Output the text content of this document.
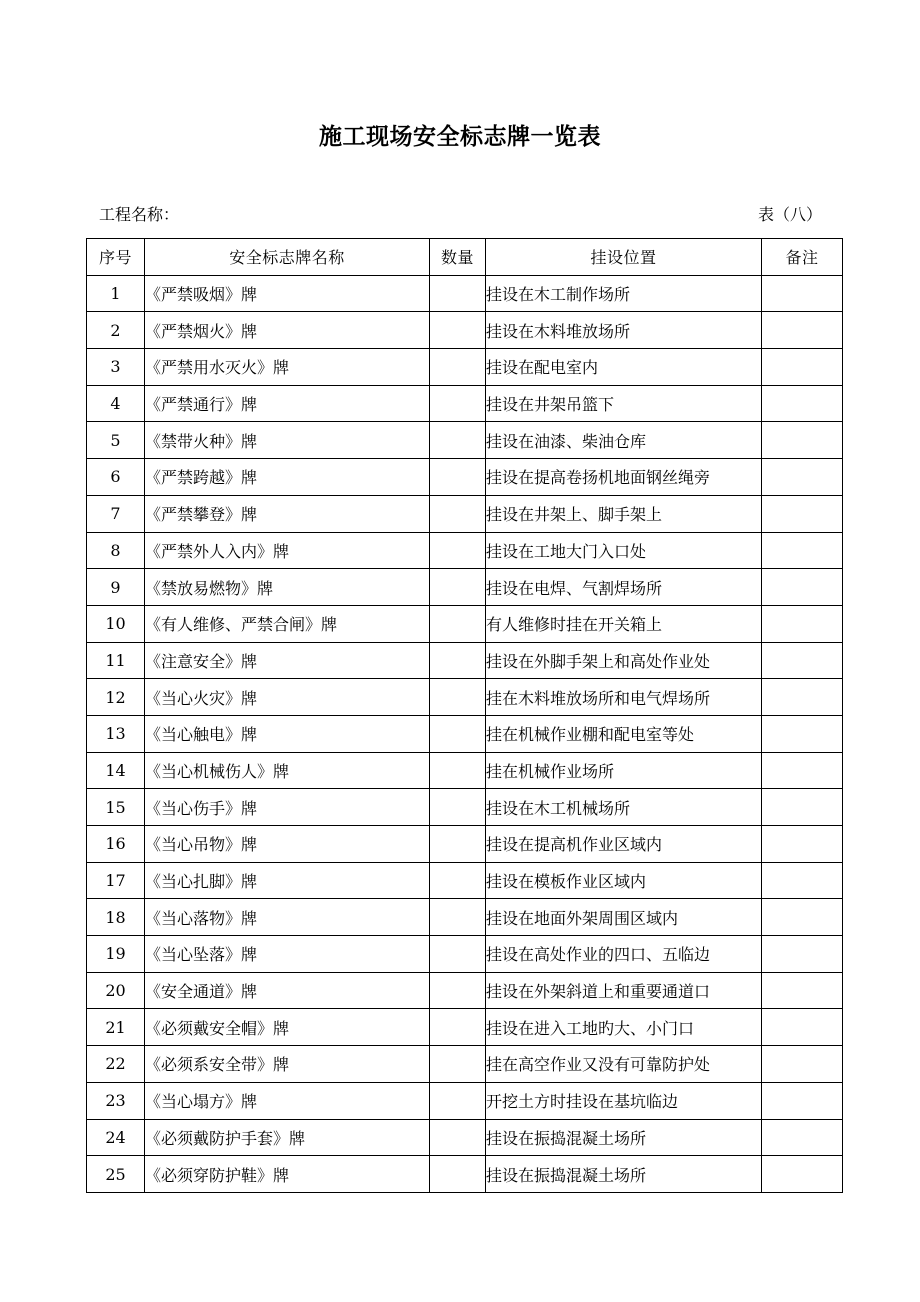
施工现场安全标志牌一览表
工程名称：	表（八）
序号	安全标志牌名称	数量	挂设位置	备注
1	《严禁吸烟》牌		挂设在木工制作场所	
2	《严禁烟火》牌		挂设在木料堆放场所	
3	《严禁用水灭火》牌		挂设在配电室内	
4	《严禁通行》牌		挂设在井架吊篮下	
5	《禁带火种》牌		挂设在油漆、柴油仓库	
6	《严禁跨越》牌		挂设在提高卷扬机地面钢丝绳旁	
7	《严禁攀登》牌		挂设在井架上、脚手架上	
8	《严禁外人入内》牌		挂设在工地大门入口处	
9	《禁放易燃物》牌		挂设在电焊、气割焊场所	
10	《有人维修、严禁合闸》牌		有人维修时挂在开关箱上	
11	《注意安全》牌		挂设在外脚手架上和高处作业处	
12	《当心火灾》牌		挂在木料堆放场所和电气焊场所	
13	《当心触电》牌		挂在机械作业棚和配电室等处	
14	《当心机械伤人》牌		挂在机械作业场所	
15	《当心伤手》牌		挂设在木工机械场所	
16	《当心吊物》牌		挂设在提高机作业区域内	
17	《当心扎脚》牌		挂设在模板作业区域内	
18	《当心落物》牌		挂设在地面外架周围区域内	
19	《当心坠落》牌		挂设在高处作业的四口、五临边	
20	《安全通道》牌		挂设在外架斜道上和重要通道口	
21	《必须戴安全帽》牌		挂设在进入工地旳大、小门口	
22	《必须系安全带》牌		挂在高空作业又没有可靠防护处	
23	《当心塌方》牌		开挖土方时挂设在基坑临边	
24	《必须戴防护手套》牌		挂设在振捣混凝土场所	
25	《必须穿防护鞋》牌		挂设在振捣混凝土场所	
